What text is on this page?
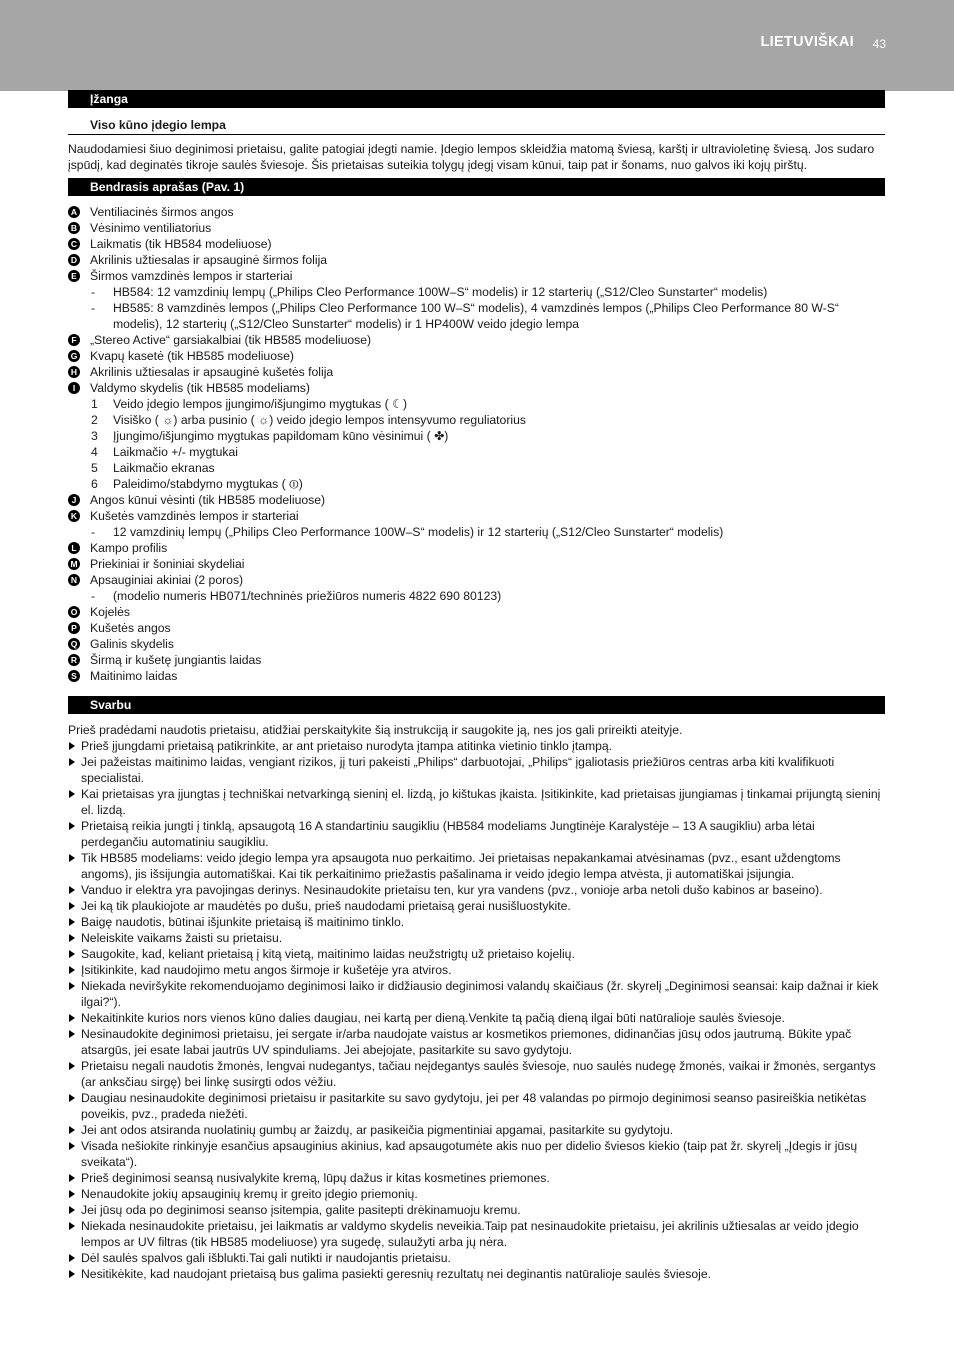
LIETUVIŠKAI 43
Įžanga
Viso kūno įdegio lempa
Naudodamiesi šiuo deginimosi prietaisu, galite patogiai įdegti namie. Įdegio lempos skleidžia matomą šviesą, karštį ir ultravioletinę šviesą. Jos sudaro įspūdį, kad deginatės tikroje saulės šviesoje. Šis prietaisas suteikia tolygų įdegį visam kūnui, taip pat ir šonams, nuo galvos iki kojų pirštų.
Bendrasis aprašas (Pav. 1)
A Ventiliacinės širmos angos
B Vėsinimo ventiliatorius
C Laikmatis (tik HB584 modeliuose)
D Akrilinis užtiesalas ir apsauginė širmos folija
E Širmos vamzdinės lempos ir starteriai
- HB584: 12 vamzdinių lempų („Philips Cleo Performance 100W–S“ modelis) ir 12 starterių („S12/Cleo Sunstarter“ modelis)
- HB585: 8 vamzdinės lempos („Philips Cleo Performance 100 W–S“ modelis), 4 vamzdinės lempos („Philips Cleo Performance 80 W-S“ modelis), 12 starterių („S12/Cleo Sunstarter“ modelis) ir 1 HP400W veido įdegio lempa
F „Stereo Active“ garsiakalbiai (tik HB585 modeliuose)
G Kvapų kasetė (tik HB585 modeliuose)
H Akrilinis užtiesalas ir apsauginė kušetės folija
I	Valdymo skydelis (tik HB585 modeliams)
1 Veido įdegio lempos įjungimo/išjungimo mygtukas ( ☾)
2 Visiško ( ☼) arba pusinio ( ☼) veido įdegio lempos intensyvumo reguliatorius
3 Įjungimo/išjungimo mygtukas papildomam kūno vėsinimui ( ✤)
4 Laikmačio +/- mygtukai
5 Laikmačio ekranas
6 Paleidimo/stabdymo mygtukas ( ⏼)
J Angos kūnui vėsinti (tik HB585 modeliuose)
K Kušetės vamzdinės lempos ir starteriai
- 12 vamzdinių lempų („Philips Cleo Performance 100W–S“ modelis) ir 12 starterių („S12/Cleo Sunstarter“ modelis)
L Kampo profilis
M Priekiniai ir šoniniai skydeliai
N Apsauginiai akiniai (2 poros)
- (modelio numeris HB071/techninės priežiūros numeris 4822 690 80123)
O Kojelės
P Kušetės angos
Q Galinis skydelis
R Širmą ir kušetę jungiantis laidas
S Maitinimo laidas
Svarbu
Prieš pradėdami naudotis prietaisu, atidžiai perskaitykite šią instrukciją ir saugokite ją, nes jos gali prireikti ateityje.
Prieš įjungdami prietaisą patikrinkite, ar ant prietaiso nurodyta įtampa atitinka vietinio tinklo įtampą.
Jei pažeistas maitinimo laidas, vengiant rizikos, jį turi pakeisti „Philips“ darbuotojai, „Philips“ įgaliotasis priežiūros centras arba kiti kvalifikuoti specialistai.
Kai prietaisas yra įjungtas į techniškai netvarkingą sieninį el. lizdą, jo kištukas įkaista. Įsitikinkite, kad prietaisas įjungiamas į tinkamai prijungtą sieninį el. lizdą.
Prietaisą reikia jungti į tinklą, apsaugotą 16 A standartiniu saugikliu (HB584 modeliams Jungtinėje Karalystėje – 13 A saugikliu) arba lėtai perdegančiu automatiniu saugikliu.
Tik HB585 modeliams: veido įdegio lempa yra apsaugota nuo perkaitimo. Jei prietaisas nepakankamai atvėsinamas (pvz., esant uždengtoms angoms), jis išsijungia automatiškai. Kai tik perkaitinimo priežastis pašalinama ir veido įdegio lempa atvėsta, ji automatiškai įsijungia.
Vanduo ir elektra yra pavojingas derinys. Nesinaudokite prietaisu ten, kur yra vandens (pvz., vonioje arba netoli dušo kabinos ar baseino).
Jei ką tik plaukiojote ar maudėtės po dušu, prieš naudodami prietaisą gerai nusišluostykite.
Baigę naudotis, būtinai išjunkite prietaisą iš maitinimo tinklo.
Neleiskite vaikams žaisti su prietaisu.
Saugokite, kad, keliant prietaisą į kitą vietą, maitinimo laidas neužstrigtų už prietaiso kojelių.
Įsitikinkite, kad naudojimo metu angos širmoje ir kušetėje yra atviros.
Niekada neviršykite rekomenduojamo deginimosi laiko ir didžiausio deginimosi valandų skaičiaus (žr. skyrelį „Deginimosi seansai: kaip dažnai ir kiek ilgai?“).
Nekaitinkite kurios nors vienos kūno dalies daugiau, nei kartą per dieną.Venkite tą pačią dieną ilgai būti natūralioje saulės šviesoje.
Nesinaudokite deginimosi prietaisu, jei sergate ir/arba naudojate vaistus ar kosmetikos priemones, didinančias jūsų odos jautrumą. Būkite ypač atsargūs, jei esate labai jautrūs UV spinduliams. Jei abejojate, pasitarkite su savo gydytoju.
Prietaisu negali naudotis žmonės, lengvai nudegantys, tačiau neįdegantys saulės šviesoje, nuo saulės nudegę žmonės, vaikai ir žmonės, sergantys (ar anksčiau sirgę) bei linkę susirgti odos vėžiu.
Daugiau nesinaudokite deginimosi prietaisu ir pasitarkite su savo gydytoju, jei per 48 valandas po pirmojo deginimosi seanso pasireiškia netikėtas poveikis, pvz., pradeda niežėti.
Jei ant odos atsiranda nuolatinių gumbų ar žaizdų, ar pasikeičia pigmentiniai apgamai, pasitarkite su gydytoju.
Visada nešiokite rinkinyje esančius apsauginius akinius, kad apsaugotumėte akis nuo per didelio šviesos kiekio (taip pat žr. skyrelį „Įdegis ir jūsų sveikata“).
Prieš deginimosi seansą nusivalykite kremą, lūpų dažus ir kitas kosmetines priemones.
Nenaudokite jokių apsauginių kremų ir greito įdegio priemonių.
Jei jūsų oda po deginimosi seanso įsitempia, galite pasitepti drėkinamuoju kremu.
Niekada nesinaudokite prietaisu, jei laikmatis ar valdymo skydelis neveikia.Taip pat nesinaudokite prietaisu, jei akrilinis užtiesalas ar veido įdegio lempos ar UV filtras (tik HB585 modeliuose) yra sugedę, sulaužyti arba jų nėra.
Dėl saulės spalvos gali išblukti.Tai gali nutikti ir naudojantis prietaisu.
Nesitikėkite, kad naudojant prietaisą bus galima pasiekti geresnių rezultatų nei deginantis natūralioje saulės šviesoje.
